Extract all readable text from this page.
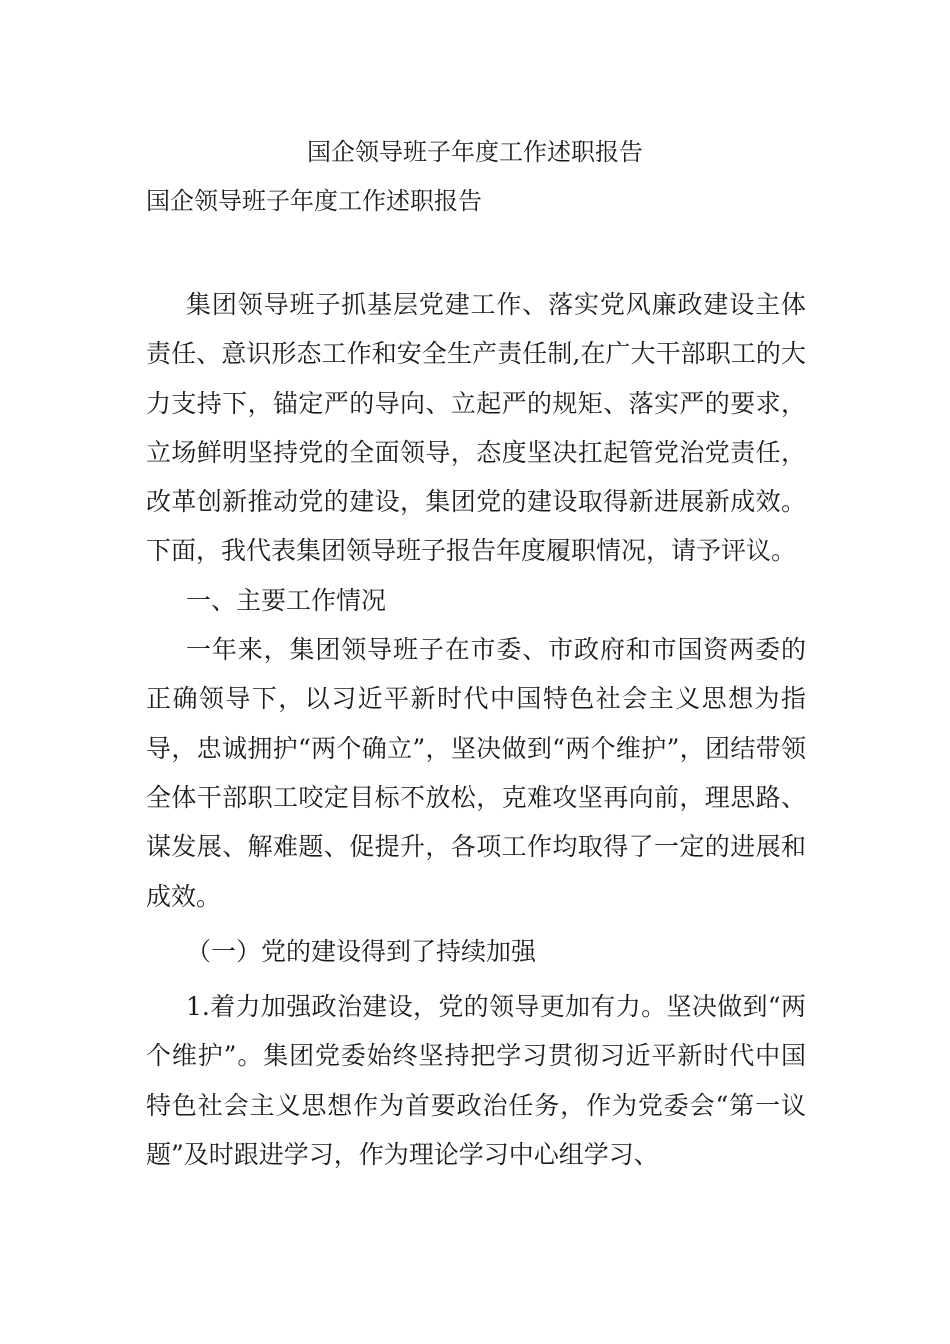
国企领导班子年度工作述职报告
国企领导班子年度工作述职报告

集团领导班子抓基层党建工作、落实党风廉政建设主体责任、意识形态工作和安全生产责任制,在广大干部职工的大力支持下，锚定严的导向、立起严的规矩、落实严的要求，立场鲜明坚持党的全面领导，态度坚决扛起管党治党责任，改革创新推动党的建设，集团党的建设取得新进展新成效。下面，我代表集团领导班子报告年度履职情况，请予评议。

一、主要工作情况

一年来，集团领导班子在市委、市政府和市国资两委的正确领导下，以习近平新时代中国特色社会主义思想为指导，忠诚拥护“两个确立”，坚决做到“两个维护”，团结带领全体干部职工咬定目标不放松，克难攻坚再向前，理思路、谋发展、解难题、促提升，各项工作均取得了一定的进展和成效。

（一）党的建设得到了持续加强

1.着力加强政治建设，党的领导更加有力。坚决做到“两个维护”。集团党委始终坚持把学习贯彻习近平新时代中国特色社会主义思想作为首要政治任务，作为党委会“第一议题”及时跟进学习，作为理论学习中心组学习、
